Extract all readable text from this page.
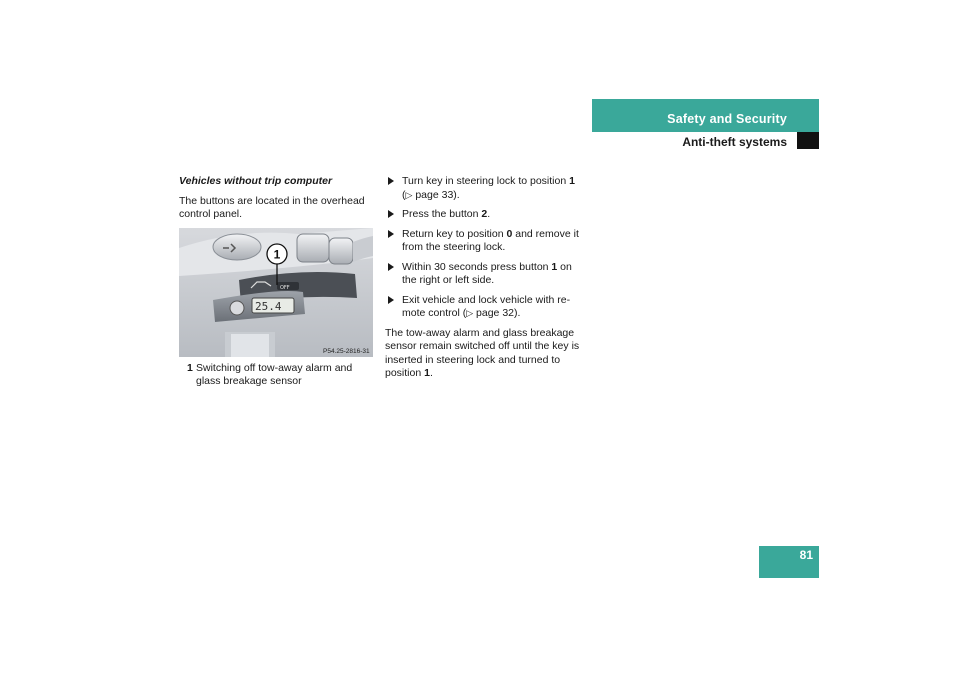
Safety and Security
Anti-theft systems
Vehicles without trip computer
The buttons are located in the overhead control panel.
OFF
25.4
1
P54.25-2816-31
1 Switching off tow-away alarm and glass breakage sensor
Turn key in steering lock to position 1 (▷ page 33).
Press the button 2.
Return key to position 0 and remove it from the steering lock.
Within 30 seconds press button 1 on the right or left side.
Exit vehicle and lock vehicle with re-mote control (▷ page 32).
The tow-away alarm and glass breakage sensor remain switched off until the key is inserted in steering lock and turned to position 1.
81
